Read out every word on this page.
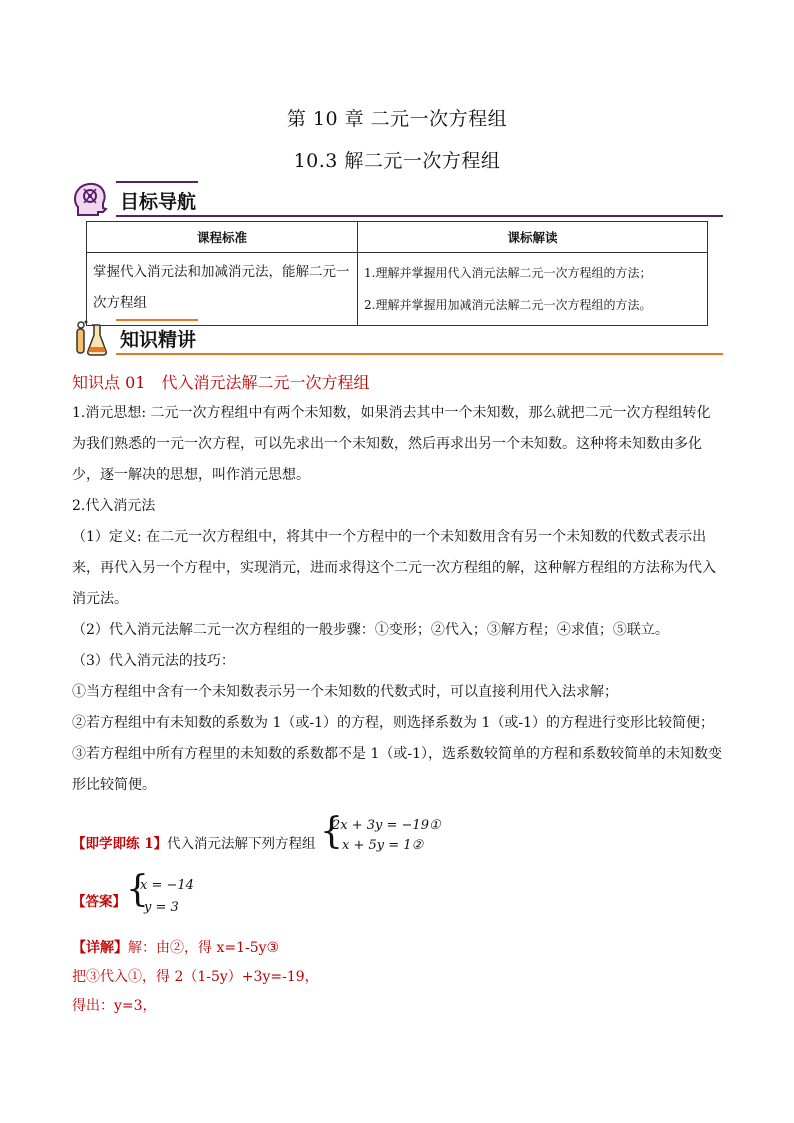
第 10 章 二元一次方程组
10.3 解二元一次方程组
目标导航
课程标准	课标解读
掌握代入消元法和加减消元法，能解二元一次方程组	1.理解并掌握用代入消元法解二元一次方程组的方法；
2.理解并掌握用加减消元法解二元一次方程组的方法。
知识精讲
知识点 01 代入消元法解二元一次方程组

1.消元思想: 二元一次方程组中有两个未知数，如果消去其中一个未知数，那么就把二元一次方程组转化为我们熟悉的一元一次方程，可以先求出一个未知数，然后再求出另一个未知数。这种将未知数由多化少，逐一解决的思想，叫作消元思想。

2.代入消元法

（1）定义: 在二元一次方程组中，将其中一个方程中的一个未知数用含有另一个未知数的代数式表示出来，再代入另一个方程中，实现消元，进而求得这个二元一次方程组的解，这种解方程组的方法称为代入消元法。

（2）代入消元法解二元一次方程组的一般步骤：①变形；②代入；③解方程；④求值；⑤联立。

（3）代入消元法的技巧：

①当方程组中含有一个未知数表示另一个未知数的代数式时，可以直接利用代入法求解；

②若方程组中有未知数的系数为 1（或-1）的方程，则选择系数为 1（或-1）的方程进行变形比较简便；

③若方程组中所有方程里的未知数的系数都不是 1（或-1），选系数较简单的方程和系数较简单的未知数变形比较简便。

【即学即练 1】 代入消元法解下列方程组 {
2x + 3y = −19①
x + 5y = 1②
【答案】 {
x = −14
y = 3

【详解】解：由②，得 x=1-5y③

把③代入①，得 2（1-5y）+3y=-19，

得出：y=3，
